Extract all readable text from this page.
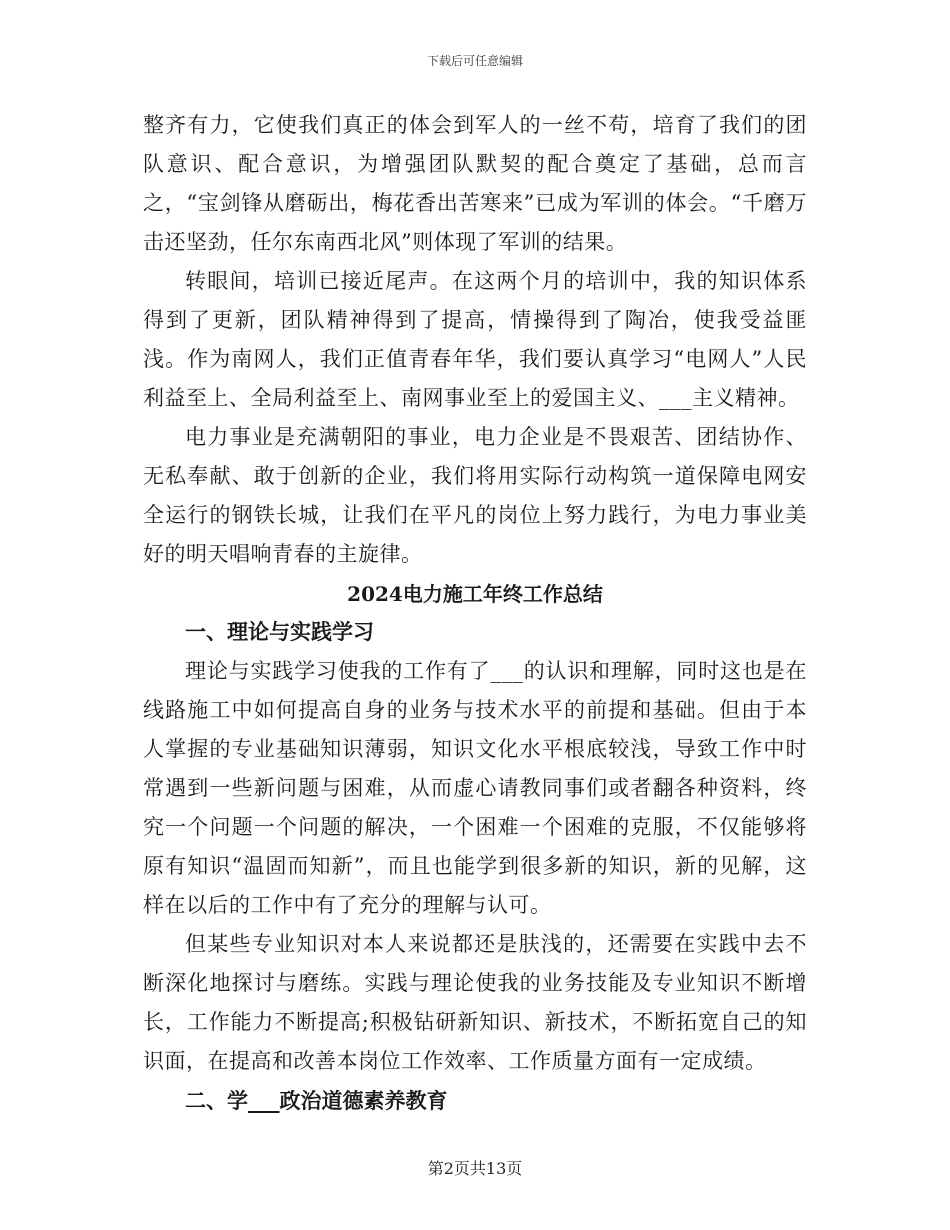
下载后可任意编辑

整齐有力，它使我们真正的体会到军人的一丝不苟，培育了我们的团队意识、配合意识，为增强团队默契的配合奠定了基础，总而言之，“宝剑锋从磨砺出，梅花香出苦寒来”已成为军训的体会。“千磨万击还坚劲，任尔东南西北风”则体现了军训的结果。

转眼间，培训已接近尾声。在这两个月的培训中，我的知识体系得到了更新，团队精神得到了提高，情操得到了陶冶，使我受益匪浅。作为南网人，我们正值青春年华，我们要认真学习“电网人”人民利益至上、全局利益至上、南网事业至上的爱国主义、___主义精神。

电力事业是充满朝阳的事业，电力企业是不畏艰苦、团结协作、无私奉献、敢于创新的企业，我们将用实际行动构筑一道保障电网安全运行的钢铁长城，让我们在平凡的岗位上努力践行，为电力事业美好的明天唱响青春的主旋律。

2024电力施工年终工作总结
一、理论与实践学习

理论与实践学习使我的工作有了___的认识和理解，同时这也是在线路施工中如何提高自身的业务与技术水平的前提和基础。但由于本人掌握的专业基础知识薄弱，知识文化水平根底较浅，导致工作中时常遇到一些新问题与困难，从而虚心请教同事们或者翻各种资料，终究一个问题一个问题的解决，一个困难一个困难的克服，不仅能够将原有知识“温固而知新”，而且也能学到很多新的知识，新的见解，这样在以后的工作中有了充分的理解与认可。

但某些专业知识对本人来说都还是肤浅的，还需要在实践中去不断深化地探讨与磨练。实践与理论使我的业务技能及专业知识不断增长，工作能力不断提高;积极钻研新知识、新技术，不断拓宽自己的知识面，在提高和改善本岗位工作效率、工作质量方面有一定成绩。

二、学___政治道德素养教育
第2页共13页
